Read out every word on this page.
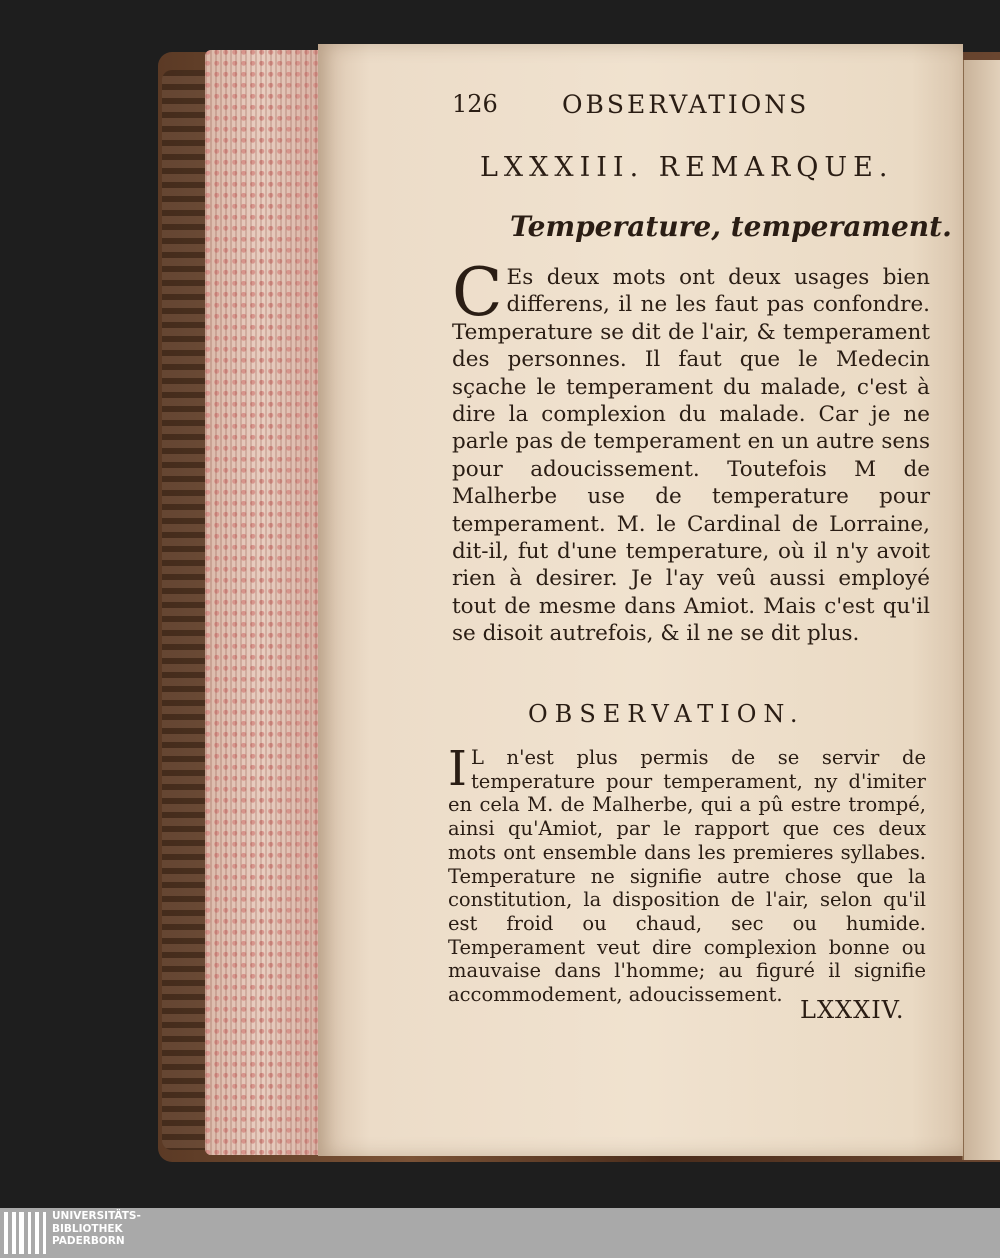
126	OBSERVATIONS
LXXXIII. REMARQUE.
Temperature, temperament.
C Es deux mots ont deux usages bien differens, il ne les faut pas confondre. Temperature se dit de l'air, & temperament des personnes. Il faut que le Medecin sçache le temperament du malade, c'est à dire la complexion du malade. Car je ne parle pas de temperament en un autre sens pour adoucissement. Toutefois M de Malherbe use de temperature pour temperament. M. le Cardinal de Lorraine, dit-il, fut d'une temperature, où il n'y avoit rien à desirer. Je l'ay veû aussi employé tout de mesme dans Amiot. Mais c'est qu'il se disoit autrefois, & il ne se dit plus.
OBSERVATION.
I L n'est plus permis de se servir de temperature pour temperament, ny d'imiter en cela M. de Malherbe, qui a pû estre trompé, ainsi qu'Amiot, par le rapport que ces deux mots ont ensemble dans les premieres syllabes. Temperature ne signifie autre chose que la constitution, la disposition de l'air, selon qu'il est froid ou chaud, sec ou humide. Temperament veut dire complexion bonne ou mauvaise dans l'homme; au figuré il signifie accommodement, adoucissement.
LXXXIV.
UNIVERSITÄTS-
BIBLIOTHEK
PADERBORN
